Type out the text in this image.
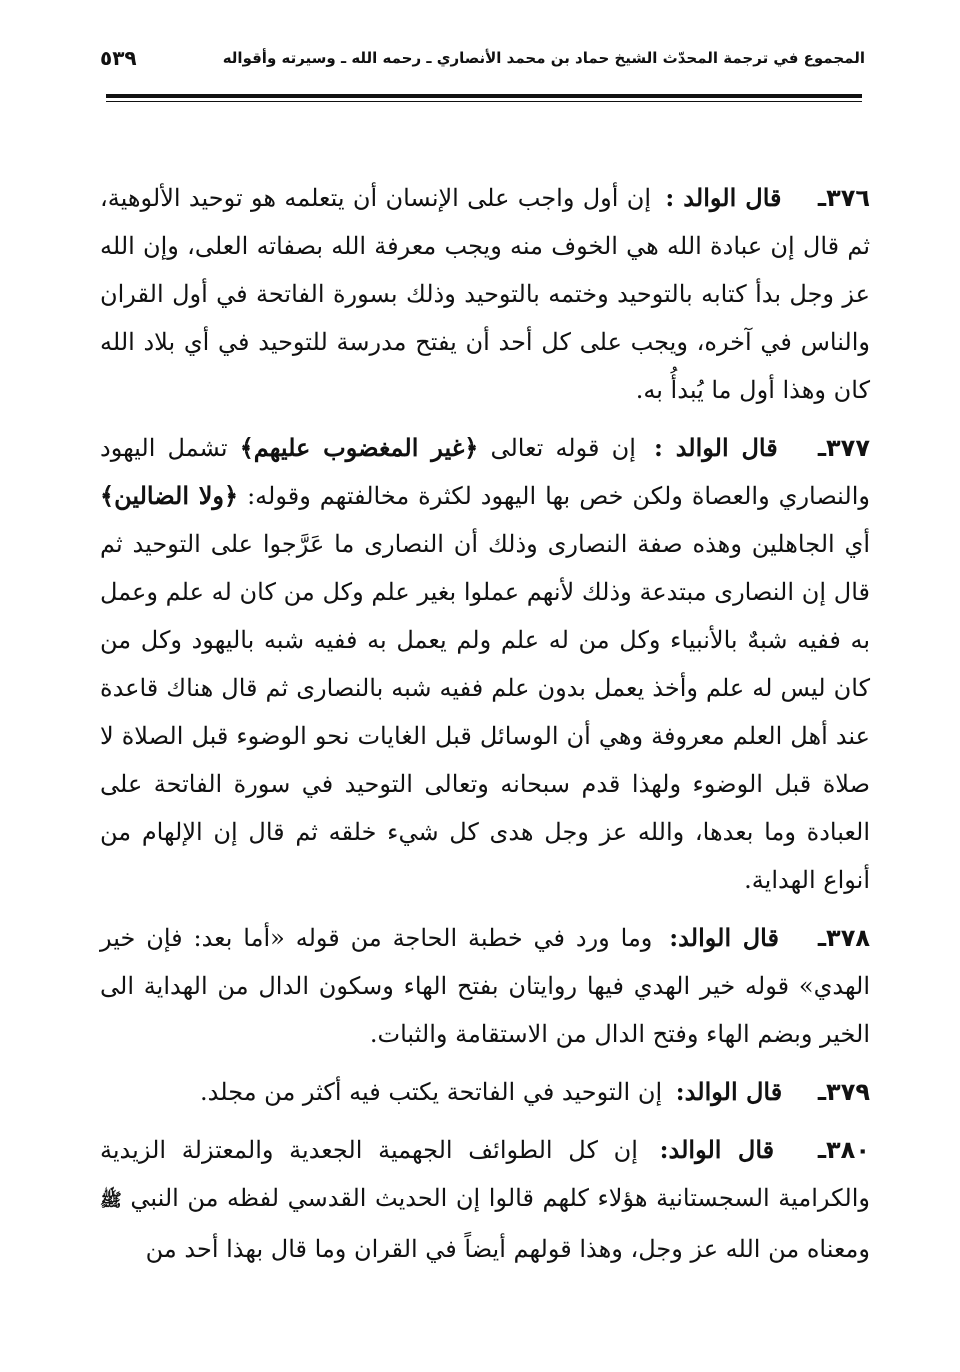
المجموع في ترجمة المحدّث الشيخ حماد بن محمد الأنصاري ـ رحمه الله ـ وسيرته وأقواله
٥٣٩

٣٧٦ـ قال الوالد : إن أول واجب على الإنسان أن يتعلمه هو توحيد الألوهية، ثم قال إن عبادة الله هي الخوف منه ويجب معرفة الله بصفاته العلى، وإن الله عز وجل بدأ كتابه بالتوحيد وختمه بالتوحيد وذلك بسورة الفاتحة في أول القران والناس في آخره، ويجب على كل أحد أن يفتح مدرسة للتوحيد في أي بلاد الله كان وهذا أول ما يُبدأُ به.

٣٧٧ـ قال الوالد : إن قوله تعالى ﴿غير المغضوب عليهم﴾ تشمل اليهود والنصاري والعصاة ولكن خص بها اليهود لكثرة مخالفتهم وقوله: ﴿ولا الضالين﴾ أي الجاهلين وهذه صفة النصارى وذلك أن النصارى ما عَرَّجوا على التوحيد ثم قال إن النصارى مبتدعة وذلك لأنهم عملوا بغير علم وكل من كان له علم وعمل به ففيه شبهٌ بالأنبياء وكل من له علم ولم يعمل به ففيه شبه باليهود وكل من كان ليس له علم وأخذ يعمل بدون علم ففيه شبه بالنصارى ثم قال هناك قاعدة عند أهل العلم معروفة وهي أن الوسائل قبل الغايات نحو الوضوء قبل الصلاة لا صلاة قبل الوضوء ولهذا قدم سبحانه وتعالى التوحيد في سورة الفاتحة على العبادة وما بعدها، والله عز وجل هدى كل شيء خلقه ثم قال إن الإلهام من أنواع الهداية.

٣٧٨ـ قال الوالد: وما ورد في خطبة الحاجة من قوله «أما بعد: فإن خير الهدي» قوله خير الهدي فيها روايتان بفتح الهاء وسكون الدال من الهداية الى الخير وبضم الهاء وفتح الدال من الاستقامة والثبات.

٣٧٩ـ قال الوالد: إن التوحيد في الفاتحة يكتب فيه أكثر من مجلد.

٣٨٠ـ قال الوالد: إن كل الطوائف الجهمية الجعدية والمعتزلة الزيدية والكرامية السجستانية هؤلاء كلهم قالوا إن الحديث القدسي لفظه من النبي ﷺ ومعناه من الله عز وجل، وهذا قولهم أيضاً في القران وما قال بهذا أحد من
